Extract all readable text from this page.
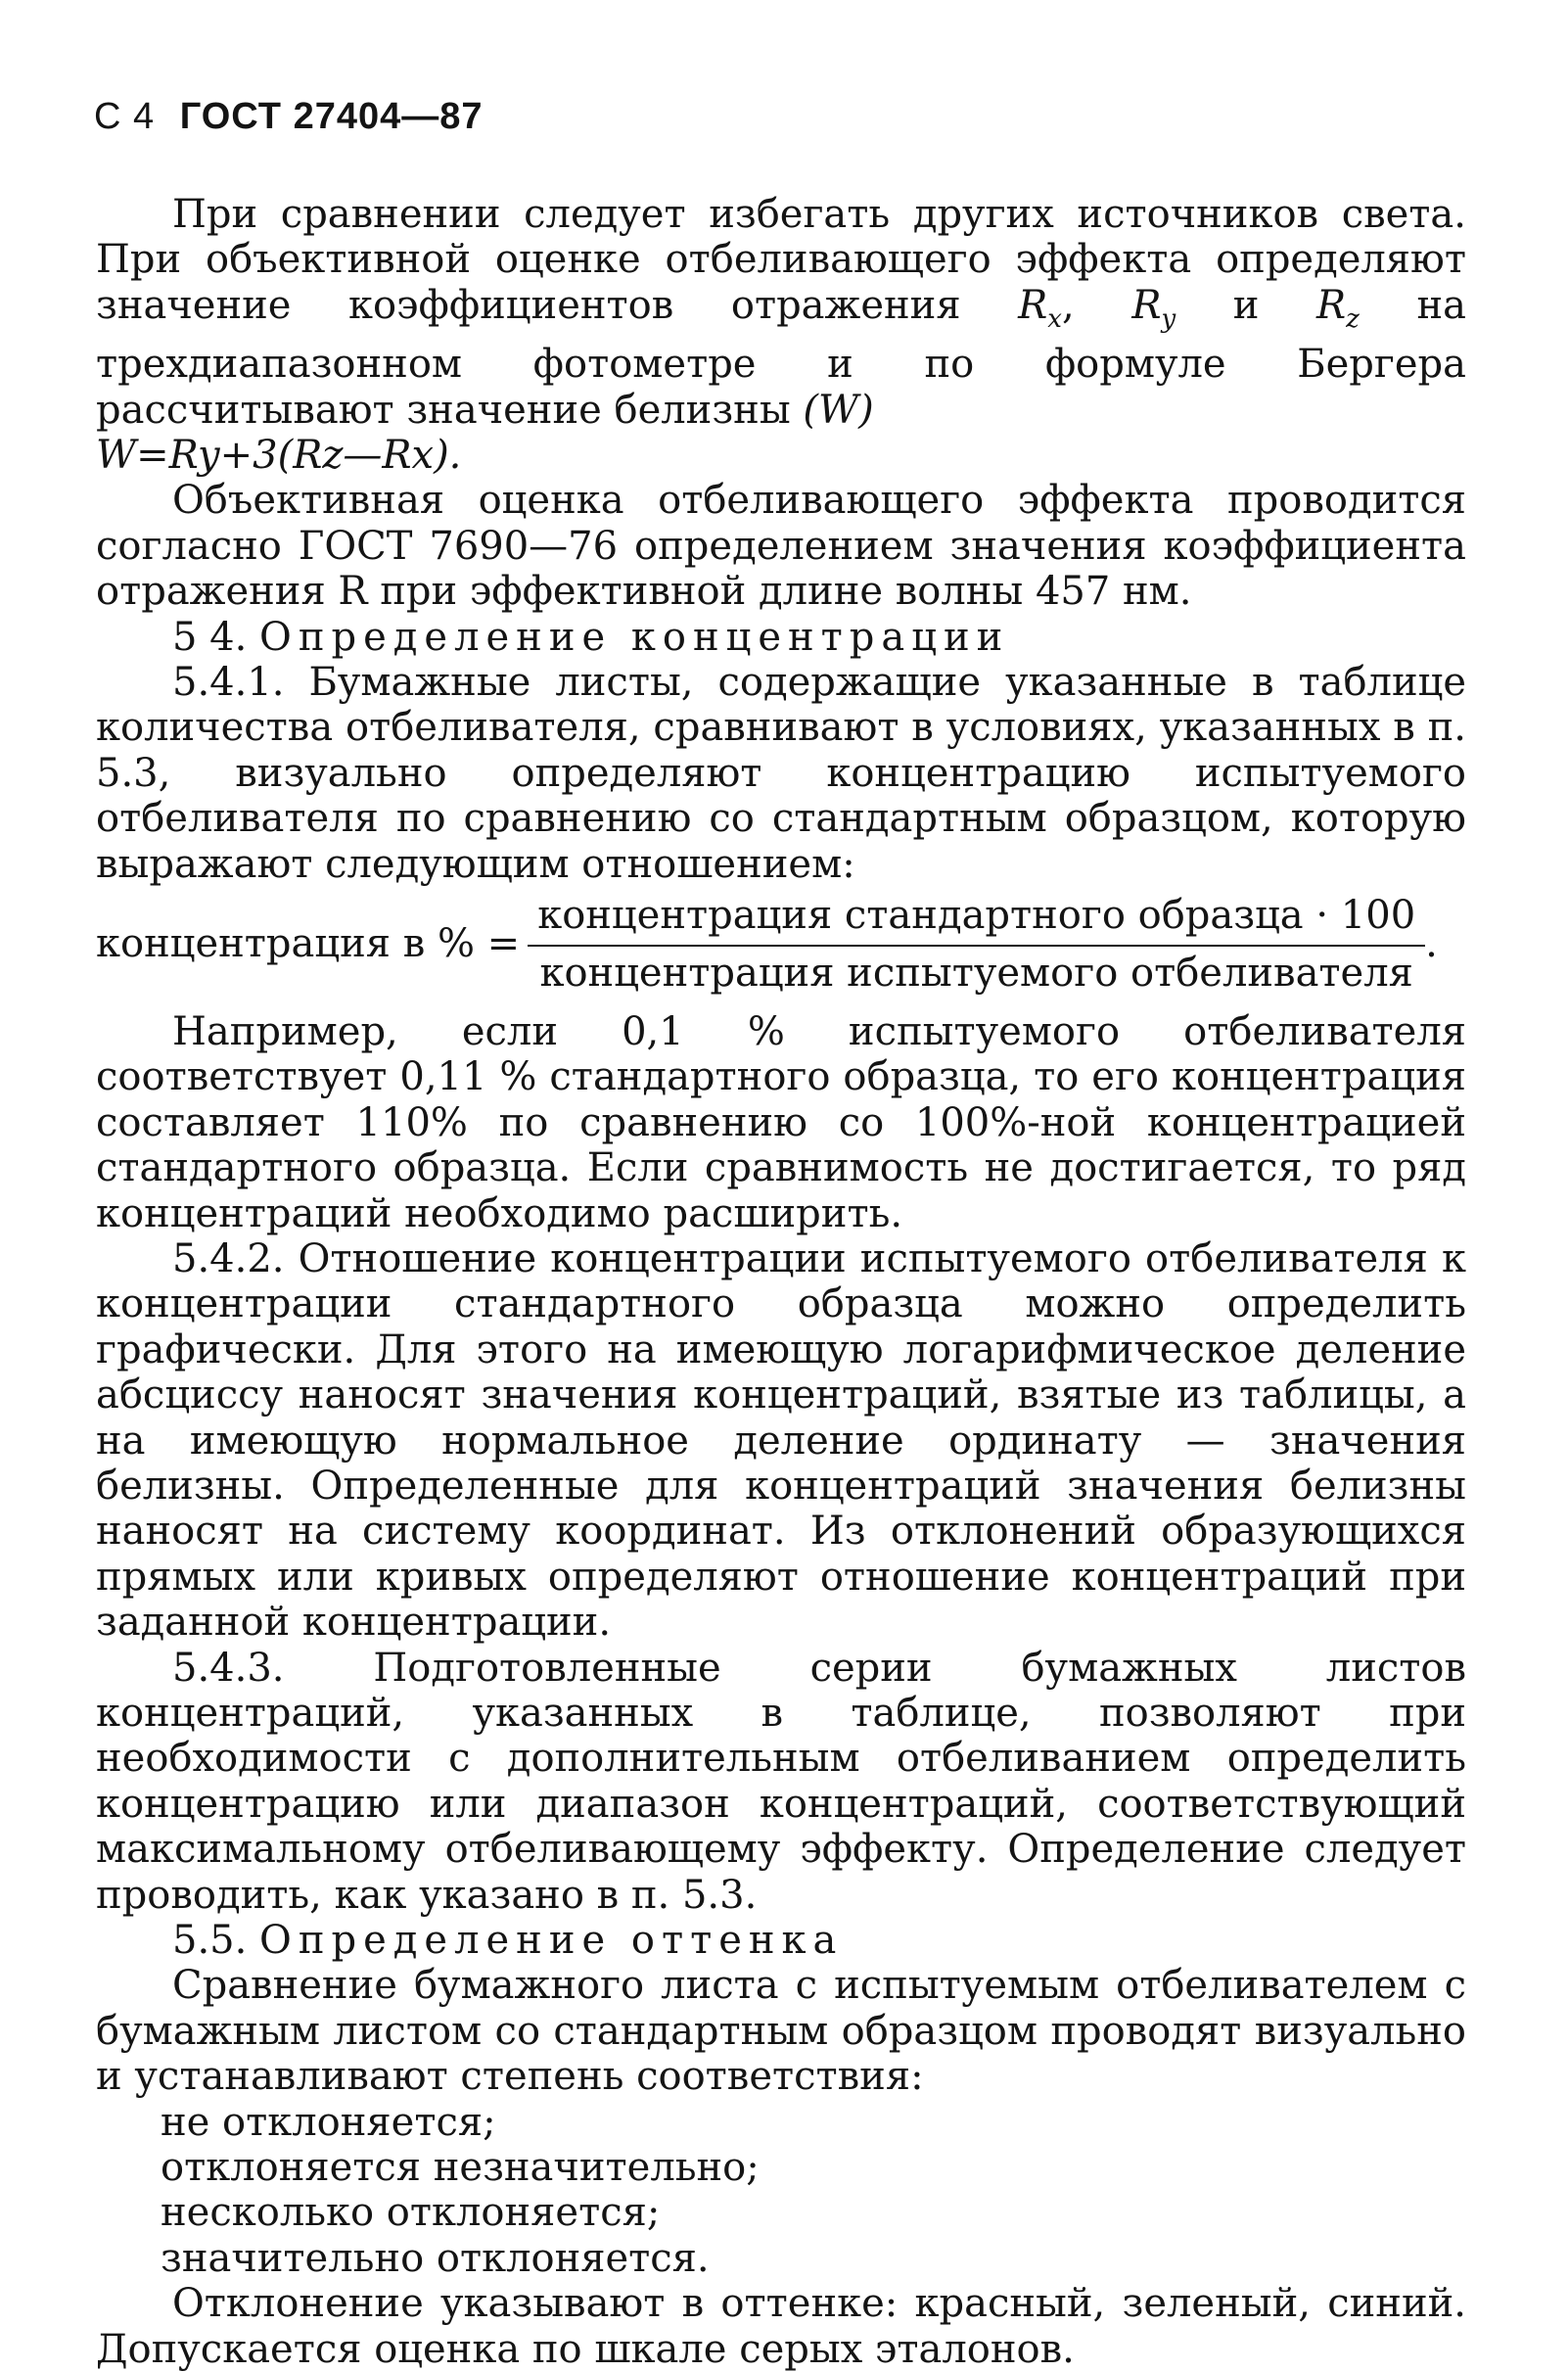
С 4 ГОСТ 27404—87

При сравнении следует избегать других источников света. При объективной оценке отбеливающего эффекта определяют значение коэффициентов отражения $R_x$, $R_y$ и $R_z$ на трехдиапазонном фотометре и по формуле Бергера рассчитывают значение белизны (W)

W=Ry+3(Rz—Rx).

Объективная оценка отбеливающего эффекта проводится согласно ГОСТ 7690—76 определением значения коэффициента отражения R при эффективной длине волны 457 нм.

5 4. Определение концентрации

5.4.1. Бумажные листы, содержащие указанные в таблице количества отбеливателя, сравнивают в условиях, указанных в п. 5.3, визуально определяют концентрацию испытуемого отбеливателя по сравнению со стандартным образцом, которую выражают следующим отношением:

концентрация в % = $\frac{\text{концентрация стандартного образца · 100}}{\text{концентрация испытуемого отбеливателя}}$ .

Например, если 0,1 % испытуемого отбеливателя соответствует 0,11 % стандартного образца, то его концентрация составляет 110% по сравнению со 100%-ной концентрацией стандартного образца. Если сравнимость не достигается, то ряд концентраций необходимо расширить.

5.4.2. Отношение концентрации испытуемого отбеливателя к концентрации стандартного образца можно определить графически. Для этого на имеющую логарифмическое деление абсциссу наносят значения концентраций, взятые из таблицы, а на имеющую нормальное деление ординату — значения белизны. Определенные для концентраций значения белизны наносят на систему координат. Из отклонений образующихся прямых или кривых определяют отношение концентраций при заданной концентрации.

5.4.3. Подготовленные серии бумажных листов концентраций, указанных в таблице, позволяют при необходимости с дополнительным отбеливанием определить концентрацию или диапазон концентраций, соответствующий максимальному отбеливающему эффекту. Определение следует проводить, как указано в п. 5.3.

5.5. Определение оттенка

Сравнение бумажного листа с испытуемым отбеливателем с бумажным листом со стандартным образцом проводят визуально и устанавливают степень соответствия:

не отклоняется;

отклоняется незначительно;

несколько отклоняется;

значительно отклоняется.

Отклонение указывают в оттенке: красный, зеленый, синий. Допускается оценка по шкале серых эталонов.
